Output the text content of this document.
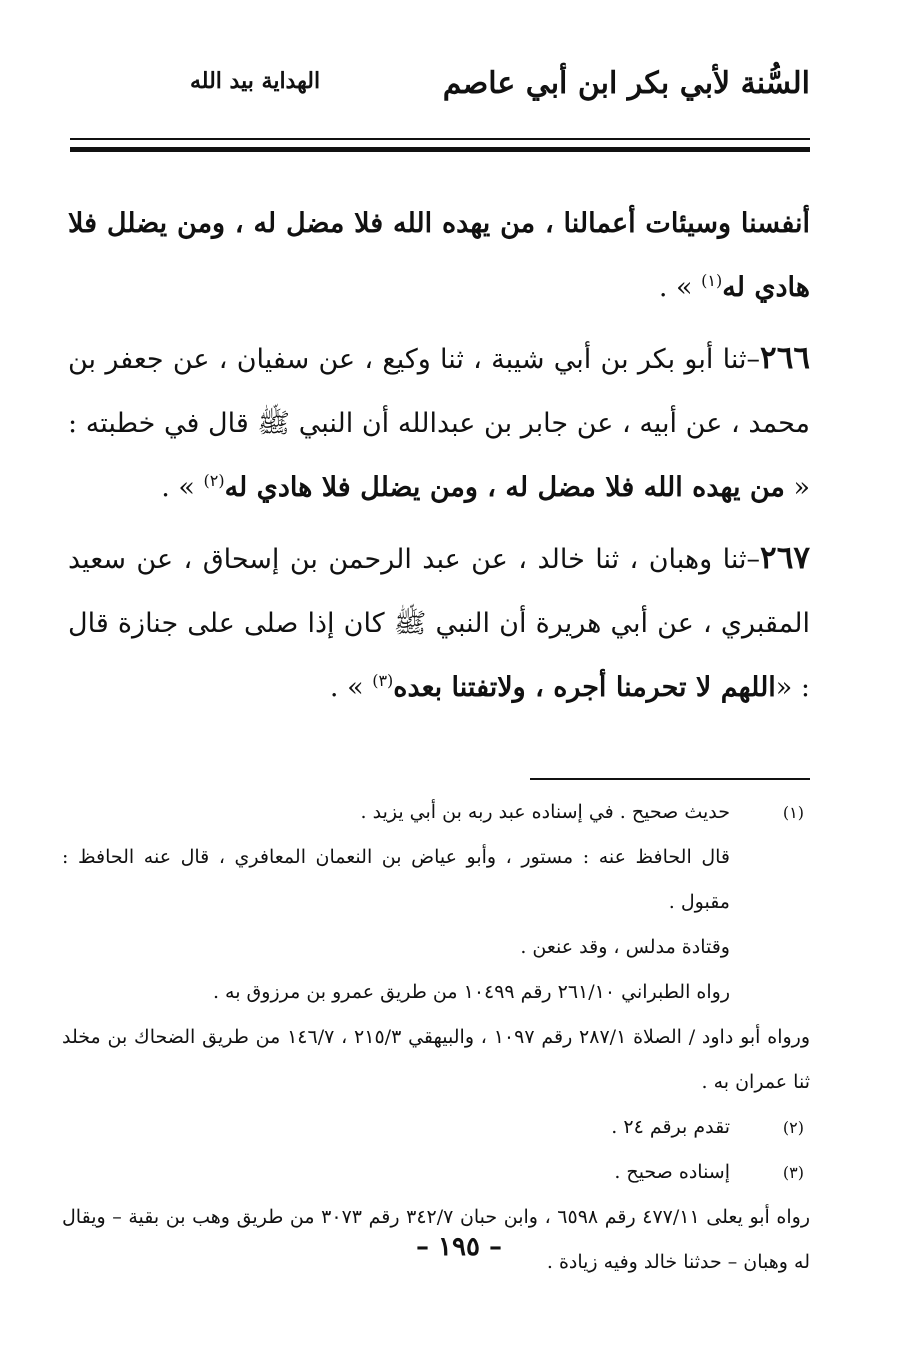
السُّنة لأبي بكر ابن أبي عاصم
الهداية بيد الله

أنفسنا وسيئات أعمالنا ، من يهده الله فلا مضل له ، ومن يضلل فلا هادي له$^{(١)}$ » .

٢٦٦–ثنا أبو بكر بن أبي شيبة ، ثنا وكيع ، عن سفيان ، عن جعفر بن محمد ، عن أبيه ، عن جابر بن عبدالله أن النبي ﷺ قال في خطبته : « من يهده الله فلا مضل له ، ومن يضلل فلا هادي له$^{(٢)}$ » .

٢٦٧–ثنا وهبان ، ثنا خالد ، عن عبد الرحمن بن إسحاق ، عن سعيد المقبري ، عن أبي هريرة أن النبي ﷺ كان إذا صلى على جنازة قال : «اللهم لا تحرمنا أجره ، ولاتفتنا بعده$^{(٣)}$ » .

(١)
حديث صحيح . في إسناده عبد ربه بن أبي يزيد .
قال الحافظ عنه : مستور ، وأبو عياض بن النعمان المعافري ، قال عنه الحافظ : مقبول .
وقتادة مدلس ، وقد عنعن .
رواه الطبراني ٢٦١/١٠ رقم ١٠٤٩٩ من طريق عمرو بن مرزوق به .
ورواه أبو داود / الصلاة ٢٨٧/١ رقم ١٠٩٧ ، والبيهقي ٢١٥/٣ ، ١٤٦/٧ من طريق الضحاك بن مخلد ثنا عمران به .
(٢)
تقدم برقم ٢٤ .
(٣)
إسناده صحيح .
رواه أبو يعلى ٤٧٧/١١ رقم ٦٥٩٨ ، وابن حبان ٣٤٢/٧ رقم ٣٠٧٣ من طريق وهب بن بقية – ويقال له وهبان – حدثنا خالد وفيه زيادة .
– ١٩٥ –
